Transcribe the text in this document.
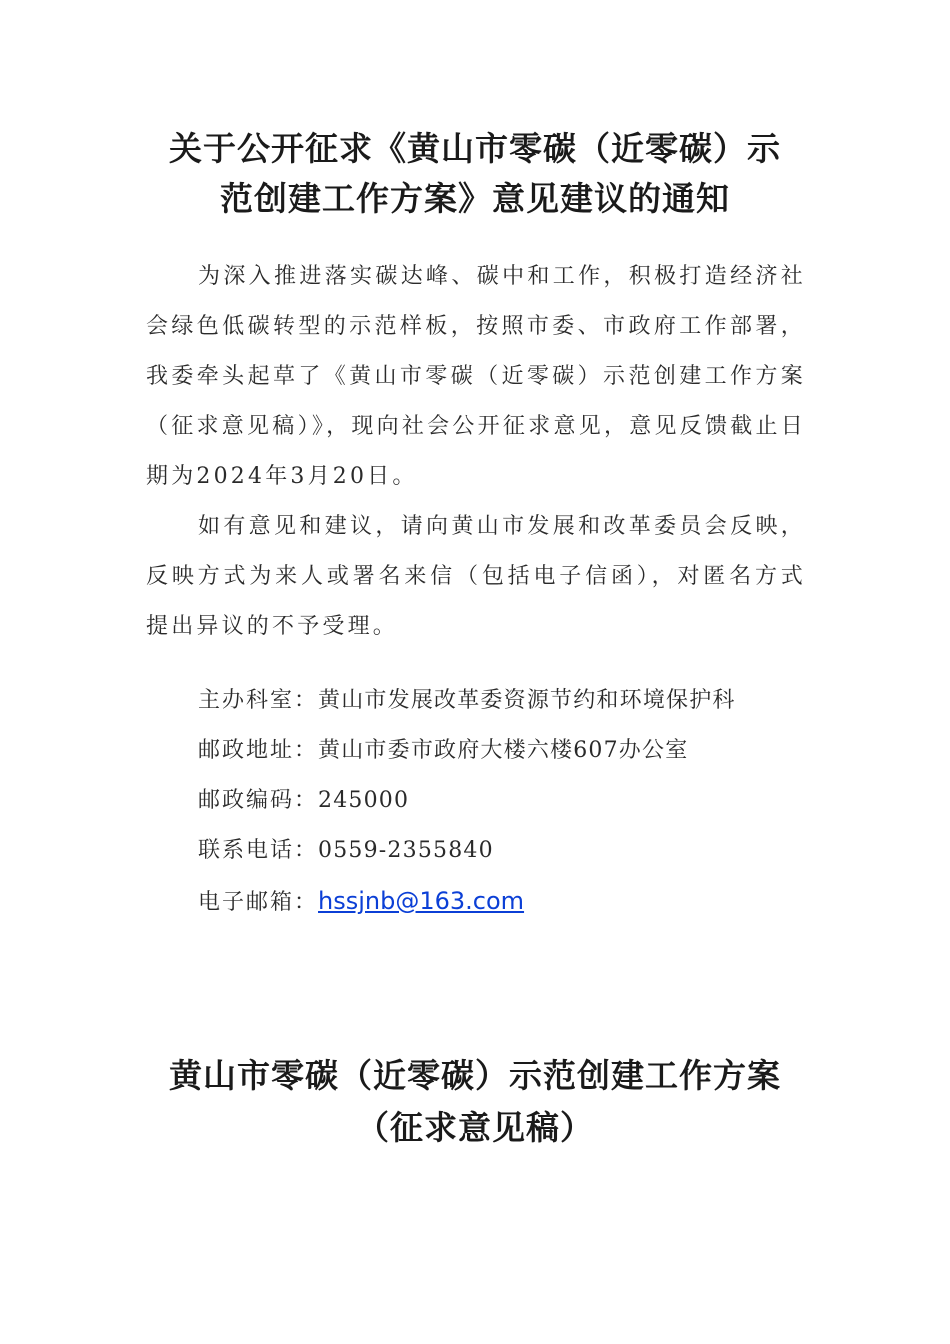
关于公开征求《黄山市零碳（近零碳）示
范创建工作方案》意见建议的通知

为深入推进落实碳达峰、碳中和工作，积极打造经济社会绿色低碳转型的示范样板，按照市委、市政府工作部署，我委牵头起草了《黄山市零碳（近零碳）示范创建工作方案（征求意见稿）》，现向社会公开征求意见，意见反馈截止日期为2024年3月20日。

如有意见和建议，请向黄山市发展和改革委员会反映，反映方式为来人或署名来信（包括电子信函），对匿名方式提出异议的不予受理。

主办科室：黄山市发展改革委资源节约和环境保护科
邮政地址：黄山市委市政府大楼六楼607办公室
邮政编码：245000
联系电话：0559-2355840
电子邮箱：hssjnb@163.com
黄山市零碳（近零碳）示范创建工作方案
（征求意见稿）
